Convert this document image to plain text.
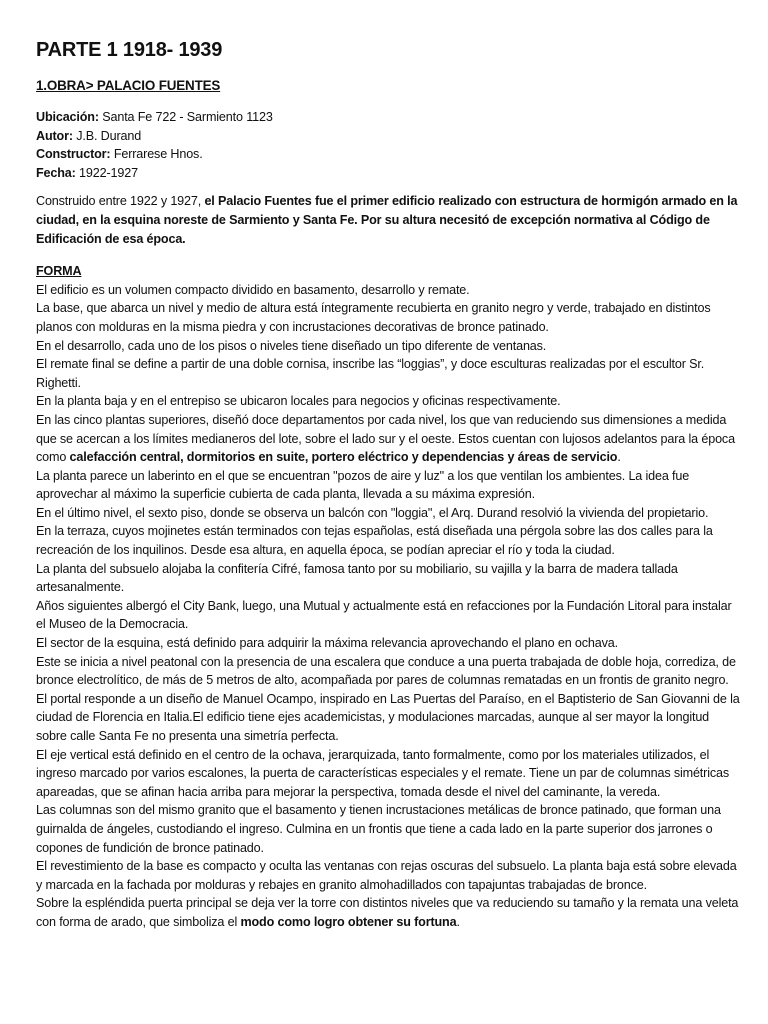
PARTE 1 1918- 1939
1.OBRA> PALACIO FUENTES
Ubicación: Santa Fe 722 - Sarmiento 1123
Autor: J.B. Durand
Constructor: Ferrarese Hnos.
Fecha: 1922-1927

Construido entre 1922 y 1927, el Palacio Fuentes fue el primer edificio realizado con estructura de hormigón armado en la ciudad, en la esquina noreste de Sarmiento y Santa Fe. Por su altura necesitó de excepción normativa al Código de Edificación de esa época.

FORMA

El edificio es un volumen compacto dividido en basamento, desarrollo y remate.

La base, que abarca un nivel y medio de altura está íntegramente recubierta en granito negro y verde, trabajado en distintos planos con molduras en la misma piedra y con incrustaciones decorativas de bronce patinado.

En el desarrollo, cada uno de los pisos o niveles tiene diseñado un tipo diferente de ventanas.

El remate final se define a partir de una doble cornisa, inscribe las “loggias”, y doce esculturas realizadas por el escultor Sr. Righetti.

En la planta baja y en el entrepiso se ubicaron locales para negocios y oficinas respectivamente.

En las cinco plantas superiores, diseñó doce departamentos por cada nivel, los que van reduciendo sus dimensiones a medida que se acercan a los límites medianeros del lote, sobre el lado sur y el oeste. Estos cuentan con lujosos adelantos para la época como calefacción central, dormitorios en suite, portero eléctrico y dependencias y áreas de servicio.

La planta parece un laberinto en el que se encuentran "pozos de aire y luz" a los que ventilan los ambientes. La idea fue aprovechar al máximo la superficie cubierta de cada planta, llevada a su máxima expresión.

En el último nivel, el sexto piso, donde se observa un balcón con "loggia", el Arq. Durand resolvió la vivienda del propietario.

En la terraza, cuyos mojinetes están terminados con tejas españolas, está diseñada una pérgola sobre las dos calles para la recreación de los inquilinos. Desde esa altura, en aquella época, se podían apreciar el río y toda la ciudad.

La planta del subsuelo alojaba la confitería Cifré, famosa tanto por su mobiliario, su vajilla y la barra de madera tallada artesanalmente.

Años siguientes albergó el City Bank, luego, una Mutual y actualmente está en refacciones por la Fundación Litoral para instalar el Museo de la Democracia.

El sector de la esquina, está definido para adquirir la máxima relevancia aprovechando el plano en ochava.

Este se inicia a nivel peatonal con la presencia de una escalera que conduce a una puerta trabajada de doble hoja, corrediza, de bronce electrolítico, de más de 5 metros de alto, acompañada por pares de columnas rematadas en un frontis de granito negro.

El portal responde a un diseño de Manuel Ocampo, inspirado en Las Puertas del Paraíso, en el Baptisterio de San Giovanni de la ciudad de Florencia en Italia.El edificio tiene ejes academicistas, y modulaciones marcadas, aunque al ser mayor la longitud sobre calle Santa Fe no presenta una simetría perfecta.

El eje vertical está definido en el centro de la ochava, jerarquizada, tanto formalmente, como por los materiales utilizados, el ingreso marcado por varios escalones, la puerta de características especiales y el remate. Tiene un par de columnas simétricas apareadas, que se afinan hacia arriba para mejorar la perspectiva, tomada desde el nivel del caminante, la vereda.

Las columnas son del mismo granito que el basamento y tienen incrustaciones metálicas de bronce patinado, que forman una guirnalda de ángeles, custodiando el ingreso. Culmina en un frontis que tiene a cada lado en la parte superior dos jarrones o copones de fundición de bronce patinado.

El revestimiento de la base es compacto y oculta las ventanas con rejas oscuras del subsuelo. La planta baja está sobre elevada y marcada en la fachada por molduras y rebajes en granito almohadillados con tapajuntas trabajadas de bronce.

Sobre la espléndida puerta principal se deja ver la torre con distintos niveles que va reduciendo su tamaño y la remata una veleta con forma de arado, que simboliza el modo como logro obtener su fortuna.
